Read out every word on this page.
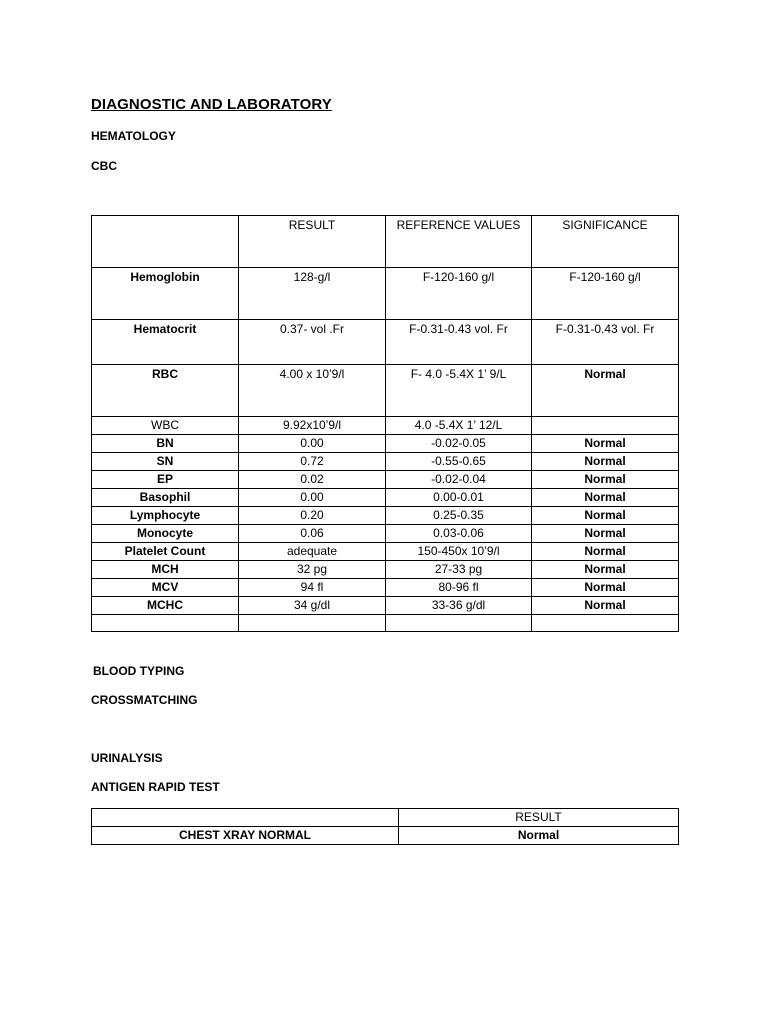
DIAGNOSTIC AND LABORATORY
HEMATOLOGY
CBC
	RESULT	REFERENCE VALUES	SIGNIFICANCE
Hemoglobin	128-g/l	F-120-160 g/l	F-120-160 g/l
Hematocrit	0.37- vol .Fr	F-0.31-0.43 vol. Fr	F-0.31-0.43 vol. Fr
RBC	4.00 x 10’9/l	F- 4.0 -5.4X 1’ 9/L	Normal
WBC	9.92x10’9/l	4.0 -5.4X 1’ 12/L	
BN	0.00	-0.02-0.05	Normal
SN	0.72	-0.55-0.65	Normal
EP	0.02	-0.02-0.04	Normal
Basophil	0.00	0.00-0.01	Normal
Lymphocyte	0.20	0.25-0.35	Normal
Monocyte	0.06	0.03-0.06	Normal
Platelet Count	adequate	150-450x 10’9/l	Normal
MCH	32 pg	27-33 pg	Normal
MCV	94 fl	80-96 fl	Normal
MCHC	34 g/dl	33-36 g/dl	Normal

BLOOD TYPING
CROSSMATCHING
URINALYSIS
ANTIGEN RAPID TEST
	RESULT
CHEST XRAY NORMAL	Normal
